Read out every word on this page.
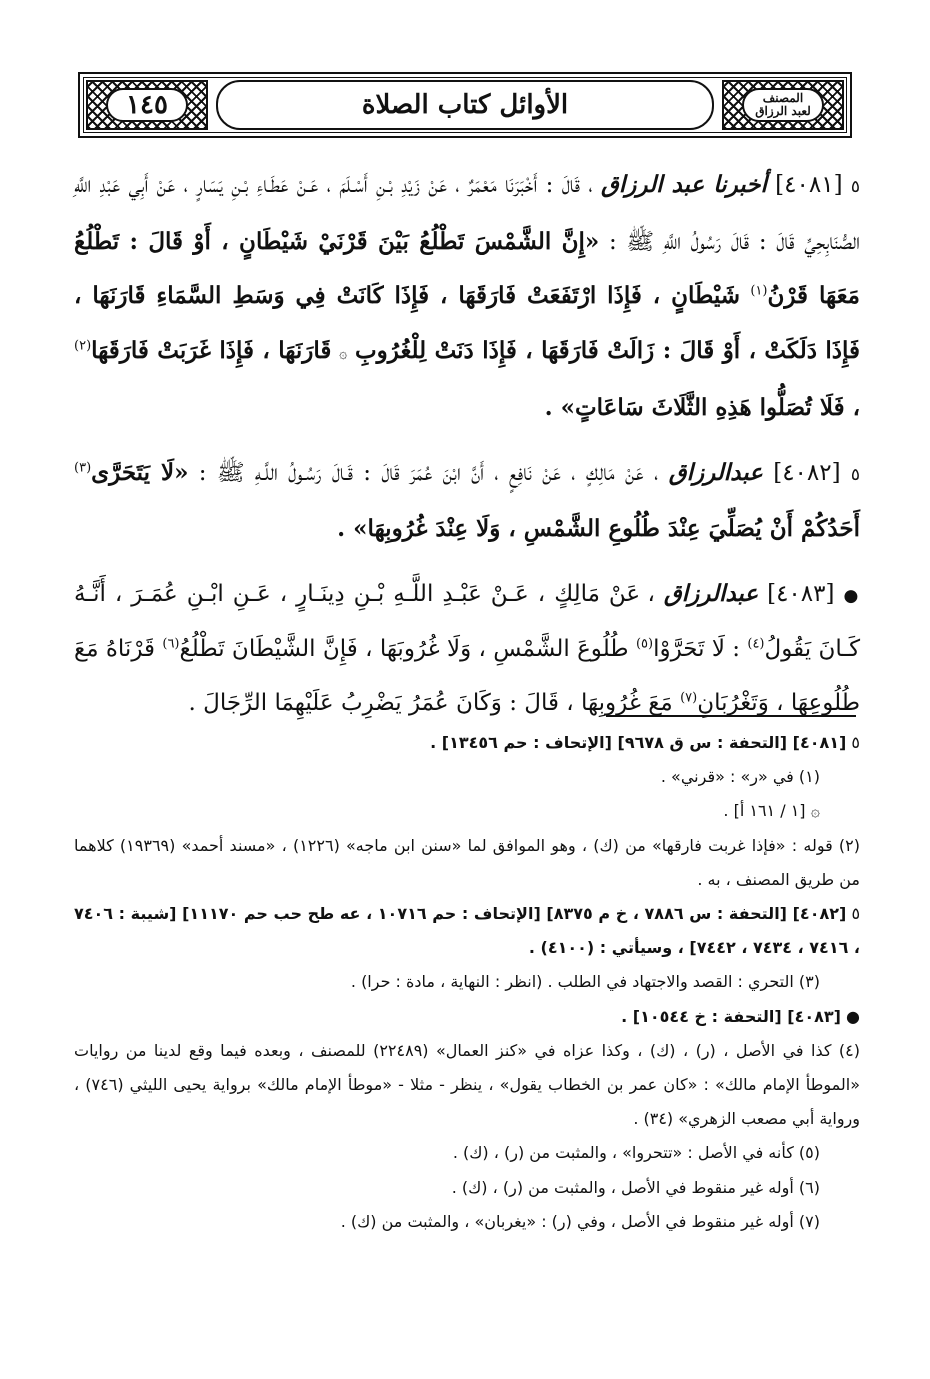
١٤٥	الأوائل كتاب الصلاة	المصنف
لعبد الرزاق

٥ [٤٠٨١] أخبرنا عبد الرزاق ، قَالَ : أَخْبَرَنَا مَعْمَرٌ ، عَنْ زَيْدِ بْـنِ أَسْـلَمَ ، عَـنْ عَطَـاءِ بْـنِ يَسَارٍ ، عَنْ أَبِي عَبْدِ اللَّهِ الصُّنَابِحِيِّ قَالَ : قَالَ رَسُولُ اللَّهِ ﷺ : «إِنَّ الشَّمْسَ تَطْلُعُ بَيْنَ قَرْنَيْ شَيْطَانٍ ، أَوْ قَالَ : تَطْلُعُ مَعَهَا قَرْنُ$^{(١)}$ شَيْطَانٍ ، فَإِذَا ارْتَفَعَتْ فَارَقَهَا ، فَإِذَا كَانَتْ فِي وَسَطِ السَّمَاءِ قَارَنَهَا ، فَإِذَا دَلَكَتْ ، أَوْ قَالَ : زَالَتْ فَارَقَهَا ، فَإِذَا دَنَتْ لِلْغُرُوبِ ۞ قَارَنَهَا ، فَإِذَا غَرَبَتْ فَارَقَهَا$^{(٢)}$ ، فَلَا تُصَلُّوا هَذِهِ الثَّلَاثَ سَاعَاتٍ» .

٥ [٤٠٨٢] عبدالرزاق ، عَنْ مَالِكٍ ، عَنْ نَافِعٍ ، أَنَّ ابْنَ عُمَرَ قَالَ : قَـالَ رَسُـولُ اللَّـهِ ﷺ : «لَا يَتَحَرَّى$^{(٣)}$ أَحَدُكُمْ أَنْ يُصَلِّيَ عِنْدَ طُلُوعِ الشَّمْسِ ، وَلَا عِنْدَ غُرُوبِهَا» .

● [٤٠٨٣] عبدالرزاق ، عَنْ مَالِكٍ ، عَـنْ عَبْـدِ اللَّـهِ بْـنِ دِينَـارٍ ، عَـنِ ابْـنِ عُمَـرَ ، أَنَّـهُ كَـانَ يَقُولُ$^{(٤)}$ : لَا تَحَرَّوْا$^{(٥)}$ طُلُوعَ الشَّمْسِ ، وَلَا غُرُوبَهَا ، فَإِنَّ الشَّيْطَانَ تَطْلُعُ$^{(٦)}$ قَرْنَاهُ مَعَ طُلُوعِهَا ، وَتَغْرُبَانِ$^{(٧)}$ مَعَ غُرُوبِهَا ، قَالَ : وَكَانَ عُمَرُ يَضْرِبُ عَلَيْهِمَا الرِّجَالَ .

٥ [٤٠٨١] [التحفة : س ق ٩٦٧٨] [الإتحاف : حم ١٣٤٥٦] .

(١) في «ر» : «قرني» .

۞ [١ / ١٦١ أ] .

(٢) قوله : «فإذا غربت فارقها» من (ك) ، وهو الموافق لما «سنن ابن ماجه» (١٢٢٦) ، «مسند أحمد» (١٩٣٦٩) كلاهما من طريق المصنف ، به .

٥ [٤٠٨٢] [التحفة : س ٧٨٨٦ ، خ م ٨٣٧٥] [الإتحاف : حم ١٠٧١٦ ، عه طح حب حم ١١١٧٠] [شيبة : ٧٤٠٦ ، ٧٤١٦ ، ٧٤٣٤ ، ٧٤٤٢] ، وسيأتي : (٤١٠٠) .

(٣) التحري : القصد والاجتهاد في الطلب . (انظر : النهاية ، مادة : حرا) .

● [٤٠٨٣] [التحفة : خ ١٠٥٤٤] .

(٤) كذا في الأصل ، (ر) ، (ك) ، وكذا عزاه في «كنز العمال» (٢٢٤٨٩) للمصنف ، وبعده فيما وقع لدينا من روايات «الموطأ الإمام مالك» : «كان عمر بن الخطاب يقول» ، ينظر - مثلا - «موطأ الإمام مالك» برواية يحيى الليثي (٧٤٦) ، ورواية أبي مصعب الزهري» (٣٤) .

(٥) كأنه في الأصل : «تتحروا» ، والمثبت من (ر) ، (ك) .

(٦) أوله غير منقوط في الأصل ، والمثبت من (ر) ، (ك) .

(٧) أوله غير منقوط في الأصل ، وفي (ر) : «يغربان» ، والمثبت من (ك) .
